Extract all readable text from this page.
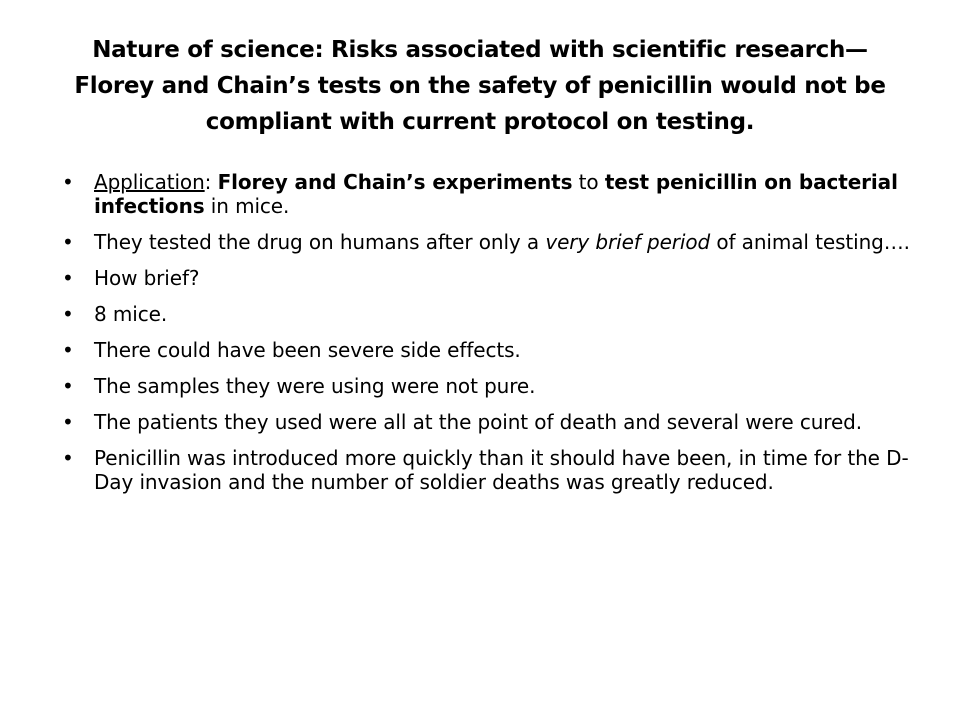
Nature of science: Risks associated with scientific research—
Florey and Chain’s tests on the safety of penicillin would not be
compliant with current protocol on testing.
• Application: Florey and Chain’s experiments to test penicillin on bacterial infections in mice.
• They tested the drug on humans after only a very brief period of animal testing….
• How brief?
• 8 mice.
• There could have been severe side effects.
• The samples they were using were not pure.
• The patients they used were all at the point of death and several were cured.
• Penicillin was introduced more quickly than it should have been, in time for the D-Day invasion and the number of soldier deaths was greatly reduced.
